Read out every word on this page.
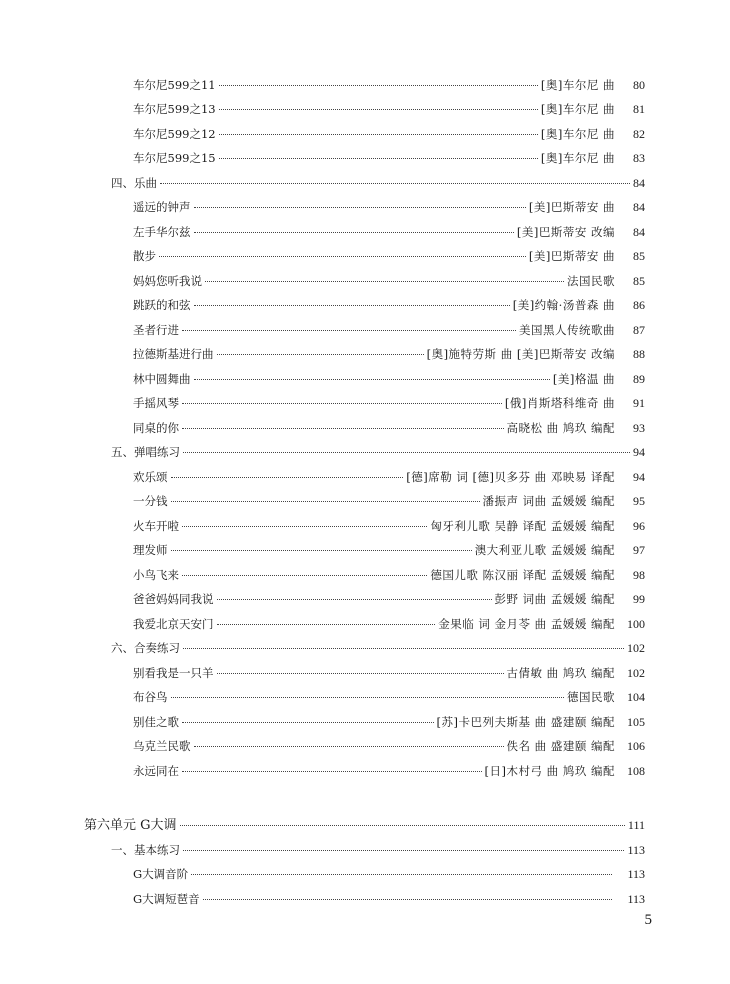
车尔尼599之11	[奥]车尔尼 曲	80
车尔尼599之13	[奥]车尔尼 曲	81
车尔尼599之12	[奥]车尔尼 曲	82
车尔尼599之15	[奥]车尔尼 曲	83
四、乐曲	84
遥远的钟声	[美]巴斯蒂安 曲	84
左手华尔兹	[美]巴斯蒂安 改编	84
散步	[美]巴斯蒂安 曲	85
妈妈您听我说	法国民歌	85
跳跃的和弦	[美]约翰·汤普森 曲	86
圣者行进	美国黑人传统歌曲	87
拉德斯基进行曲	[奥]施特劳斯 曲 [美]巴斯蒂安 改编	88
林中圆舞曲	[美]格温 曲	89
手摇风琴	[俄]肖斯塔科维奇 曲	91
同桌的你	高晓松 曲 鸠玖 编配	93
五、弹唱练习	94
欢乐颂	[德]席勒 词 [德]贝多芬 曲 邓映易 译配	94
一分钱	潘振声 词曲 孟媛媛 编配	95
火车开啦	匈牙利儿歌 吴静 译配 孟媛媛 编配	96
理发师	澳大利亚儿歌 孟媛媛 编配	97
小鸟飞来	德国儿歌 陈汉丽 译配 孟媛媛 编配	98
爸爸妈妈同我说	彭野 词曲 孟媛媛 编配	99
我爱北京天安门	金果临 词 金月苓 曲 孟媛媛 编配	100
六、合奏练习	102
别看我是一只羊	古倩敏 曲 鸠玖 编配	102
布谷鸟	德国民歌	104
别佳之歌	[苏]卡巴列夫斯基 曲 盛建颐 编配	105
乌克兰民歌	佚名 曲 盛建颐 编配	106
永远同在	[日]木村弓 曲 鸠玖 编配	108
第六单元 G大调	111
一、基本练习	113
G大调音阶	113
G大调短琶音	113
5
